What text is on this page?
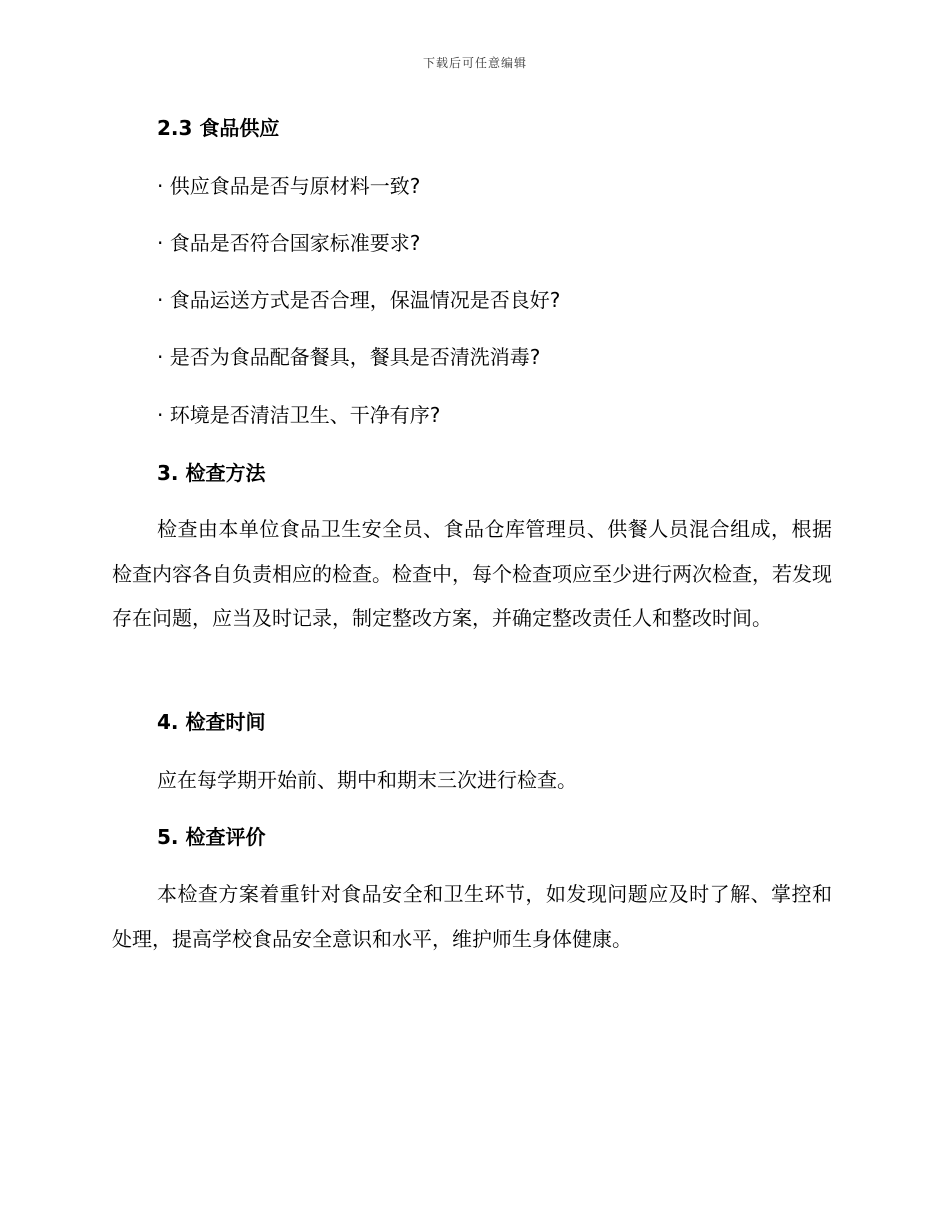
下载后可任意编辑
2.3 食品供应
· 供应食品是否与原材料一致?
· 食品是否符合国家标准要求?
· 食品运送方式是否合理，保温情况是否良好?
· 是否为食品配备餐具，餐具是否清洗消毒?
· 环境是否清洁卫生、干净有序?
3. 检查方法

检查由本单位食品卫生安全员、食品仓库管理员、供餐人员混合组成，根据检查内容各自负责相应的检查。检查中，每个检查项应至少进行两次检查，若发现存在问题，应当及时记录，制定整改方案，并确定整改责任人和整改时间。

4. 检查时间
应在每学期开始前、期中和期末三次进行检查。
5. 检查评价

本检查方案着重针对食品安全和卫生环节，如发现问题应及时了解、掌控和处理，提高学校食品安全意识和水平，维护师生身体健康。
